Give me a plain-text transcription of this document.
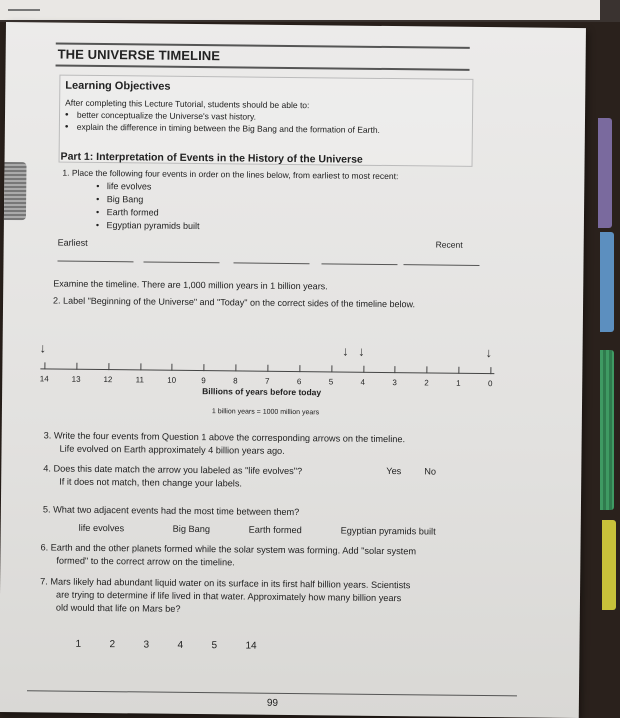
THE UNIVERSE TIMELINE
Learning Objectives
After completing this Lecture Tutorial, students should be able to:
•   better conceptualize the Universe's vast history.
•   explain the difference in timing between the Big Bang and the formation of Earth.
Part 1: Interpretation of Events in the History of the Universe
1. Place the following four events in order on the lines below, from earliest to most recent:
•   life evolves
•   Big Bang
•   Earth formed
•   Egyptian pyramids built
Earliest	Recent
Examine the timeline. There are 1,000 million years in 1 billion years.
2. Label "Beginning of the Universe" and "Today" on the correct sides of the timeline below.
14	13	12	11	10	9	8	7	6	5	4	3	2	1	0
↓	↓ ↓	↓
Billions of years before today
1 billion years = 1000 million years
3. Write the four events from Question 1 above the corresponding arrows on the timeline.
Life evolved on Earth approximately 4 billion years ago.
4. Does this date match the arrow you labeled as "life evolves"?
If it does not match, then change your labels.
Yes No
5. What two adjacent events had the most time between them?
life evolves	Big Bang	Earth formed	Egyptian pyramids built
6. Earth and the other planets formed while the solar system was forming. Add "solar system
formed" to the correct arrow on the timeline.
7. Mars likely had abundant liquid water on its surface in its first half billion years. Scientists
are trying to determine if life lived in that water. Approximately how many billion years
old would that life on Mars be?
1	2	3	4	5	14
99
